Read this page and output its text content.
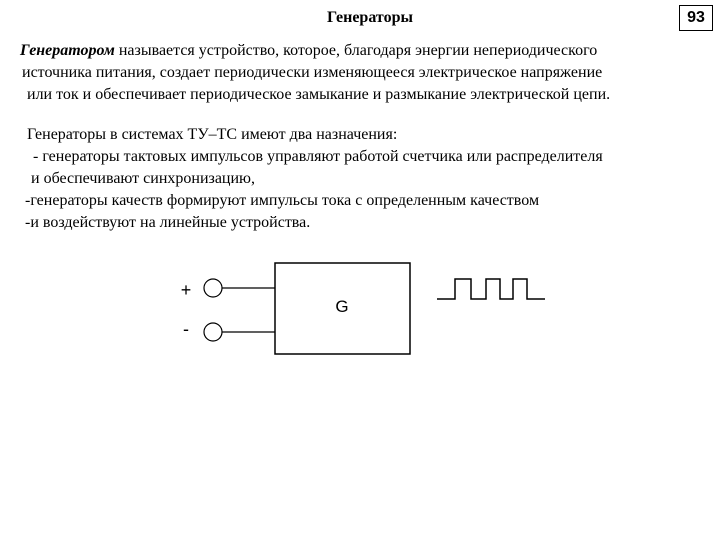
Генераторы	93
Генератором называется устройство, которое, благодаря энергии непериодического
источника питания, создает периодически изменяющееся электрическое напряжение
или ток и обеспечивает периодическое замыкание и размыкание электрической цепи.
Генераторы в системах ТУ–ТС имеют два назначения:
- генераторы тактовых импульсов управляют работой счетчика или распределителя
и обеспечивают синхронизацию,
-генераторы качеств формируют импульсы тока с определенным качеством
-и воздействуют на линейные устройства.
+
-
G
